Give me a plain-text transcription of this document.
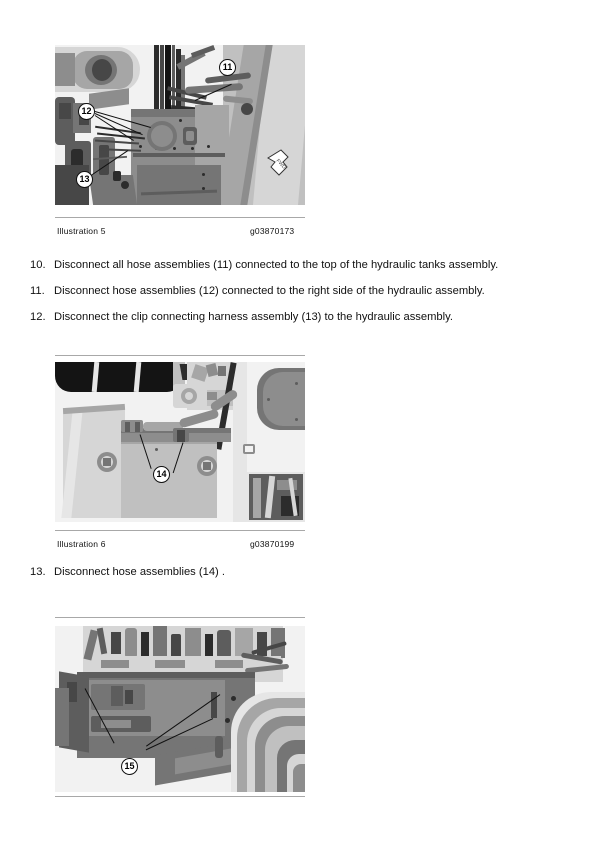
11
12
13
FWD
Illustration 5	g03870173
10. Disconnect all hose assemblies (11) connected to the top of the hydraulic tanks assembly.
11. Disconnect hose assemblies (12) connected to the right side of the hydraulic assembly.
12. Disconnect the clip connecting harness assembly (13) to the hydraulic assembly.
14
Illustration 6	g03870199
13. Disconnect hose assemblies (14) .
15
